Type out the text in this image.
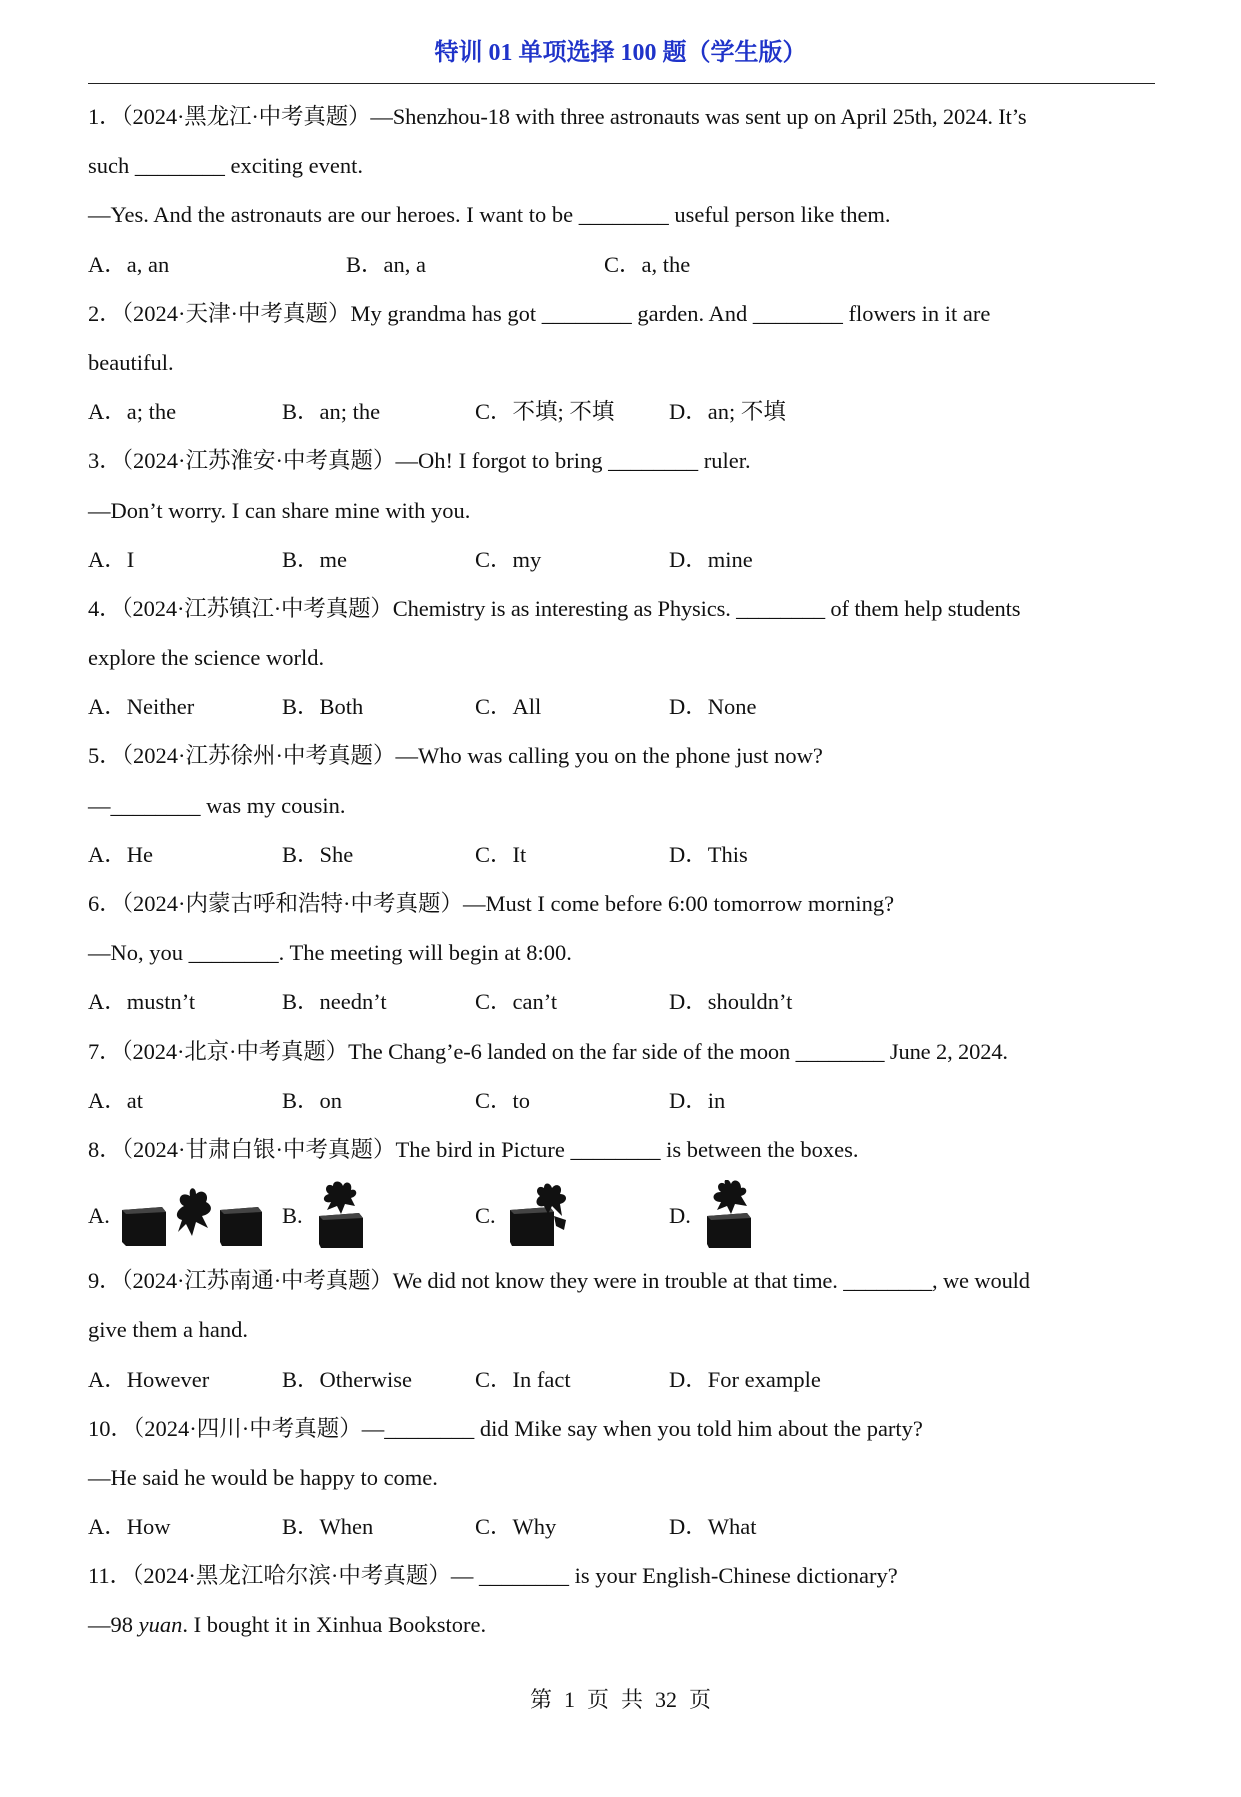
特训 01 单项选择 100 题（学生版）
1．（2024·黑龙江·中考真题）—Shenzhou-18 with three astronauts was sent up on April 25th, 2024. It’s
such ________ exciting event.
—Yes. And the astronauts are our heroes. I want to be ________ useful person like them.

A．a, an

	B．an, a

	C．a, the

2．（2024·天津·中考真题）My grandma has got ________ garden. And ________ flowers in it are
beautiful.

A．a; the

	B．an; the

	C．不填; 不填

D．an; 不填

3．（2024·江苏淮安·中考真题）—Oh! I forgot to bring ________ ruler.
—Don’t worry. I can share mine with you.

A．I

	B．me

	C．my

	D．mine

4．（2024·江苏镇江·中考真题）Chemistry is as interesting as Physics. ________ of them help students
explore the science world.

A．Neither

	B．Both

	C．All

	D．None

5．（2024·江苏徐州·中考真题）—Who was calling you on the phone just now?
—________ was my cousin.

A．He

	B．She

	C．It

	D．This

6．（2024·内蒙古呼和浩特·中考真题）—Must I come before 6:00 tomorrow morning?
—No, you ________. The meeting will begin at 8:00.

A．mustn’t

	B．needn’t

	C．can’t

	D．shouldn’t

7．（2024·北京·中考真题）The Chang’e-6 landed on the far side of the moon ________ June 2, 2024.

A．at

	B．on

	C．to

	D．in

8．（2024·甘肃白银·中考真题）The bird in Picture ________ is between the boxes.

A.

	B.

	C.

	D.

9．（2024·江苏南通·中考真题）We did not know they were in trouble at that time. ________, we would
give them a hand.

A．However

	B．Otherwise

	C．In fact

	D．For example

10．（2024·四川·中考真题）—________ did Mike say when you told him about the party?
—He said he would be happy to come.

A．How

	B．When

	C．Why

	D．What

11．（2024·黑龙江哈尔滨·中考真题）— ________ is your English-Chinese dictionary?
—98 yuan. I bought it in Xinhua Bookstore.
第 1 页 共 32 页
